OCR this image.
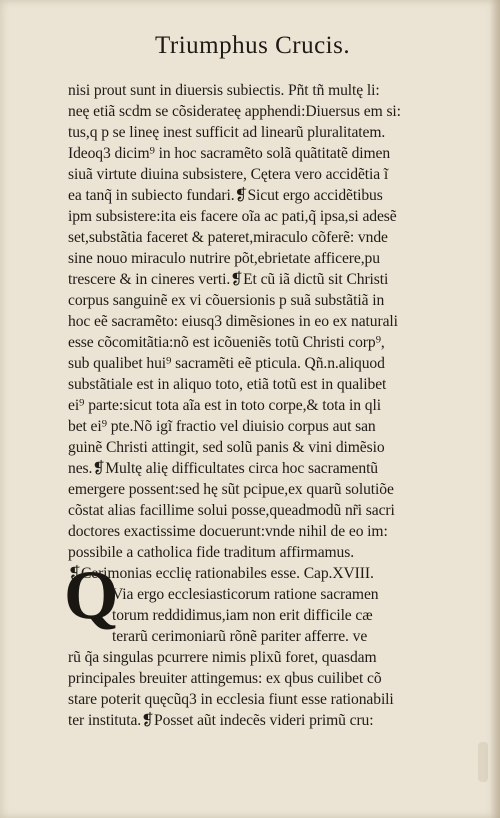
Triumphus Crucis.
Q
nisi prout sunt in diuersis subiectis. Pñt tñ multę li:
neę etiã scdm se cõsiderateę apphendi:Diuersus em si:
tus,q p se lineę inest sufficit ad linearũ pluralitatem.
Ideoq3 dicim⁹ in hoc sacramẽto solã quãtitatẽ dimen
siuã virtute diuina subsistere, Cętera vero accidẽtia ĩ
ea tanq̃ in subiecto fundari.❡Sicut ergo accidẽtibus
ipm subsistere:ita eis facere oĩa ac pati,q̃ ipsa,si adesẽ
set,substãtia faceret & pateret,miraculo cõferẽ: vnde
sine nouo miraculo nutrire põt,ebrietate afficere,pu
trescere & in cineres verti.❡Et cũ iã dictũ sit Christi
corpus sanguinẽ ex vi cõuersionis p suã substãtiã in
hoc eẽ sacramẽto: eiusq3 dimẽsiones in eo ex naturali
esse cõcomitãtia:nõ est icõueniẽs totũ Christi corp⁹,
sub qualibet hui⁹ sacramẽti eẽ pticula. Qñ.n.aliquod
substãtiale est in aliquo toto, etiã totũ est in qualibet
ei⁹ parte:sicut tota aĩa est in toto corpe,& tota in qli
bet ei⁹ pte.Nõ igĩ fractio vel diuisio corpus aut san
guinẽ Christi attingit, sed solũ panis & vini dimẽsio
nes.❡Multę alię difficultates circa hoc sacramentũ
emergere possent:sed hę sũt pcipue,ex quarũ solutiõe
cõstat alias facillime solui posse,queadmodũ nr̃i sacri
doctores exactissime docuerunt:vnde nihil de eo im:
possibile a catholica fide traditum affirmamus.
❡Cerimonias ecclię rationabiles esse. Cap.XVIII.
Via ergo ecclesiasticorum ratione sacramen
torum reddidimus,iam non erit difficile cæ
terarũ cerimoniarũ rõnẽ pariter afferre. ve
rũ q̃a singulas pcurrere nimis plixũ foret, quasdam
principales breuiter attingemus: ex qbus cuilibet cõ
stare poterit quęcũq3 in ecclesia fiunt esse rationabili
ter instituta.❡Posset aũt indecẽs videri primũ cru:
